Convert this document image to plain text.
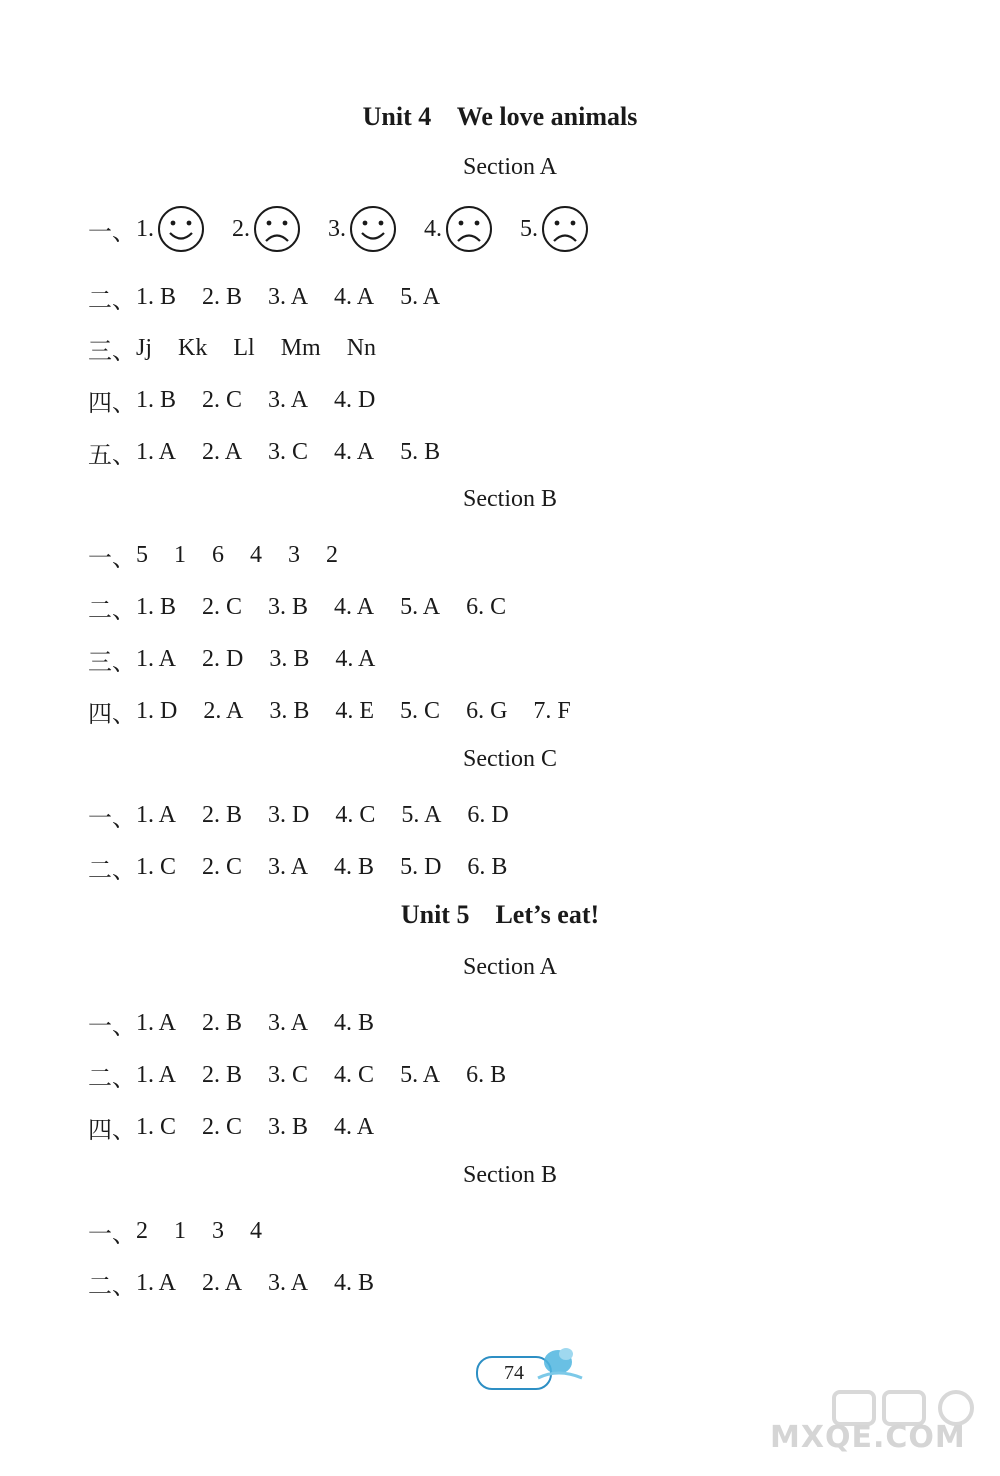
Unit 4    We love animals
Section A
一、 1.	2.	3.	4.	5.
二、 1. B 2. B 3. A 4. A 5. A
三、 Jj Kk Ll Mm Nn
四、 1. B 2. C 3. A 4. D
五、 1. A 2. A 3. C 4. A 5. B
Section B
一、 5 1 6 4 3 2
二、 1. B 2. C 3. B 4. A 5. A 6. C
三、 1. A 2. D 3. B 4. A
四、 1. D 2. A 3. B 4. E 5. C 6. G 7. F
Section C
一、 1. A 2. B 3. D 4. C 5. A 6. D
二、 1. C 2. C 3. A 4. B 5. D 6. B
Unit 5    Let’s eat!
Section A
一、 1. A 2. B 3. A 4. B
二、 1. A 2. B 3. C 4. C 5. A 6. B
四、 1. C 2. C 3. B 4. A
Section B
一、 2 1 3 4
二、 1. A 2. A 3. A 4. B
74
MXQE.COM
